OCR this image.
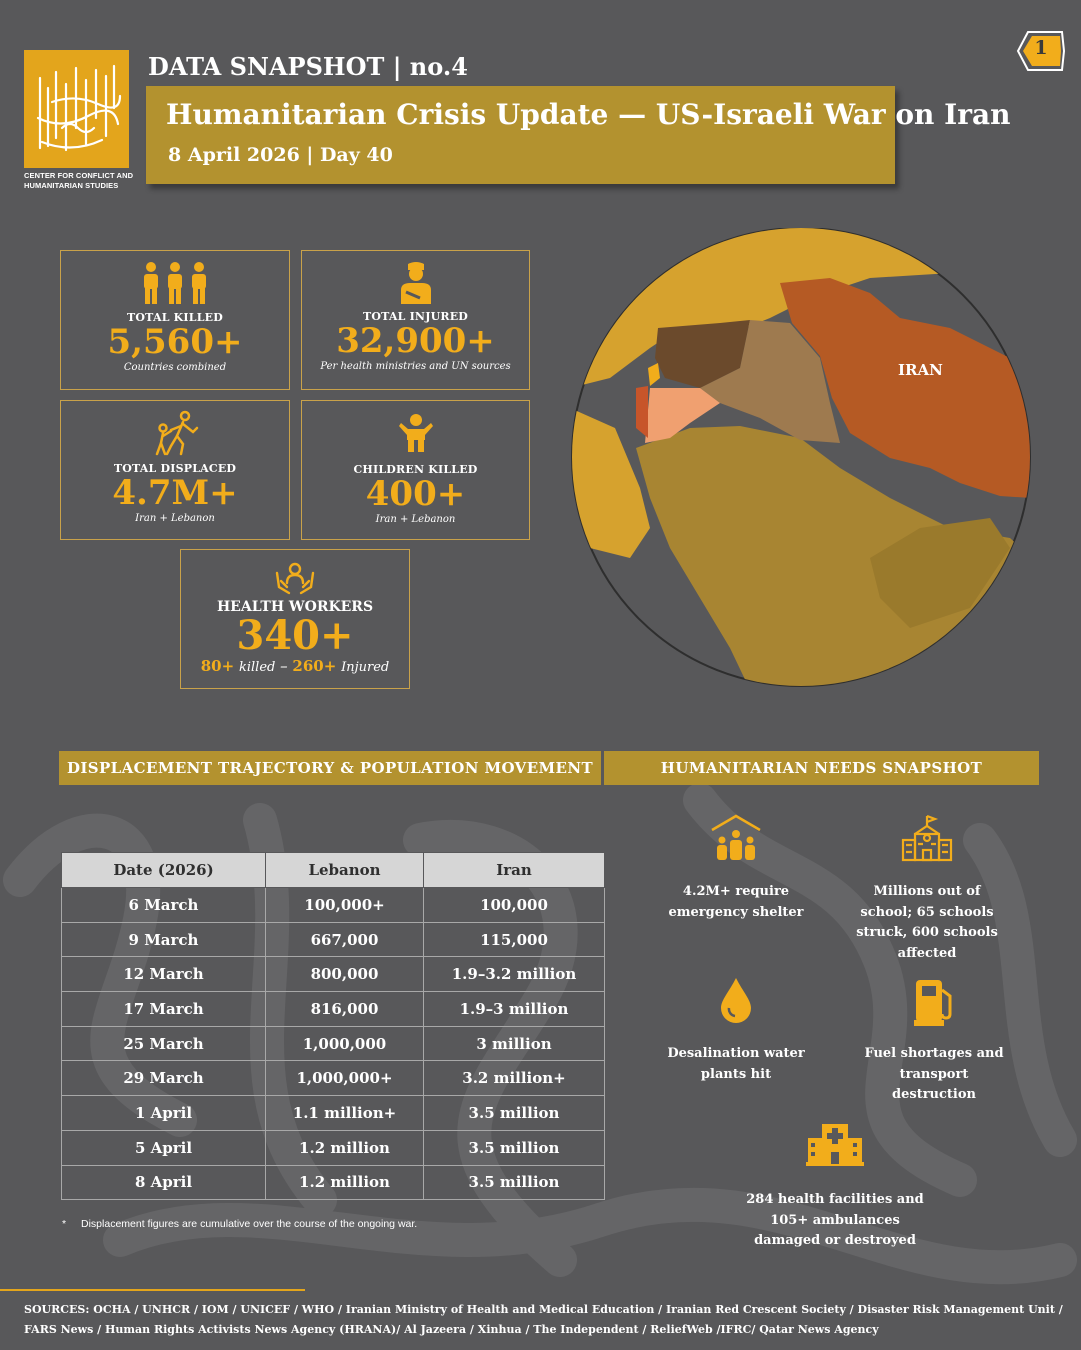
CENTER FOR CONFLICT AND HUMANITARIAN STUDIES
DATA SNAPSHOT | no.4
Humanitarian Crisis Update — US-Israeli War on Iran
8 April 2026 | Day 40
1
TOTAL KILLED
5,560+
Countries combined
TOTAL INJURED
32,900+
Per health ministries and UN sources
TOTAL DISPLACED
4.7M+
Iran + Lebanon
CHILDREN KILLED
400+
Iran + Lebanon
HEALTH WORKERS
340+
80+ killed – 260+ Injured
IRAN
DISPLACEMENT TRAJECTORY & POPULATION MOVEMENT	HUMANITARIAN NEEDS SNAPSHOT
Date (2026)	Lebanon	Iran
6 March	100,000+	100,000
9 March	667,000	115,000
12 March	800,000	1.9–3.2 million
17 March	816,000	1.9–3 million
25 March	1,000,000	3 million
29 March	1,000,000+	3.2 million+
1 April	1.1 million+	3.5 million
5 April	1.2 million	3.5 million
8 April	1.2 million	3.5 million
* Displacement figures are cumulative over the course of the ongoing war.
4.2M+ require
emergency shelter
Millions out of
school; 65 schools
struck, 600 schools
affected
Desalination water
plants hit
Fuel shortages and
transport
destruction
284 health facilities and
105+ ambulances
damaged or destroyed
SOURCES: OCHA / UNHCR / IOM / UNICEF / WHO / Iranian Ministry of Health and Medical Education / Iranian Red Crescent Society / Disaster Risk Management Unit / FARS News / Human Rights Activists News Agency (HRANA)/ Al Jazeera / Xinhua / The Independent / ReliefWeb /IFRC/ Qatar News Agency
